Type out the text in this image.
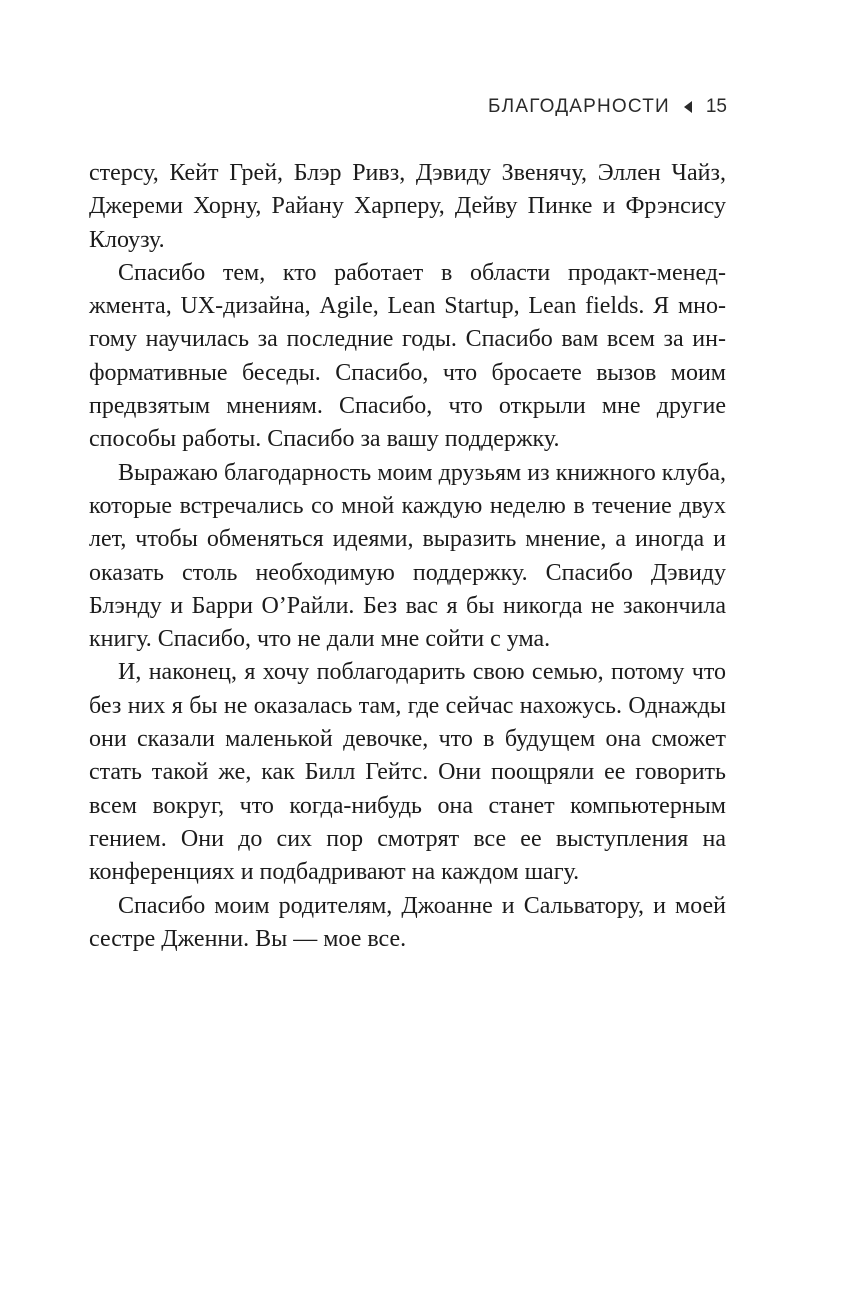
БЛАГОДАРНОСТИ 15

стерсу, Кейт Грей, Блэр Ривз, Дэвиду Звенячу, Эллен Чайз, Джереми Хорну, Райану Харперу, Дейву Пинке и Фрэнсису Клоузу.

Спасибо тем, кто работает в области продакт-менеджмента, UX-дизайна, Agile, Lean Startup, Lean fields. Я многому научилась за последние годы. Спасибо вам всем за информативные беседы. Спасибо, что бросаете вызов моим предвзятым мнениям. Спасибо, что открыли мне другие способы работы. Спасибо за вашу поддержку.

Выражаю благодарность моим друзьям из книжного клуба, которые встречались со мной каждую неделю в течение двух лет, чтобы обменяться идеями, выразить мнение, а иногда и оказать столь необходимую поддержку. Спасибо Дэвиду Блэнду и Барри О’Райли. Без вас я бы никогда не закончила книгу. Спасибо, что не дали мне сойти с ума.

И, наконец, я хочу поблагодарить свою семью, потому что без них я бы не оказалась там, где сейчас нахожусь. Однажды они сказали маленькой девочке, что в будущем она сможет стать такой же, как Билл Гейтс. Они поощряли ее говорить всем вокруг, что когда-нибудь она станет компьютерным гением. Они до сих пор смотрят все ее выступления на конференциях и подбадривают на каждом шагу.

Спасибо моим родителям, Джоанне и Сальватору, и моей сестре Дженни. Вы — мое все.
